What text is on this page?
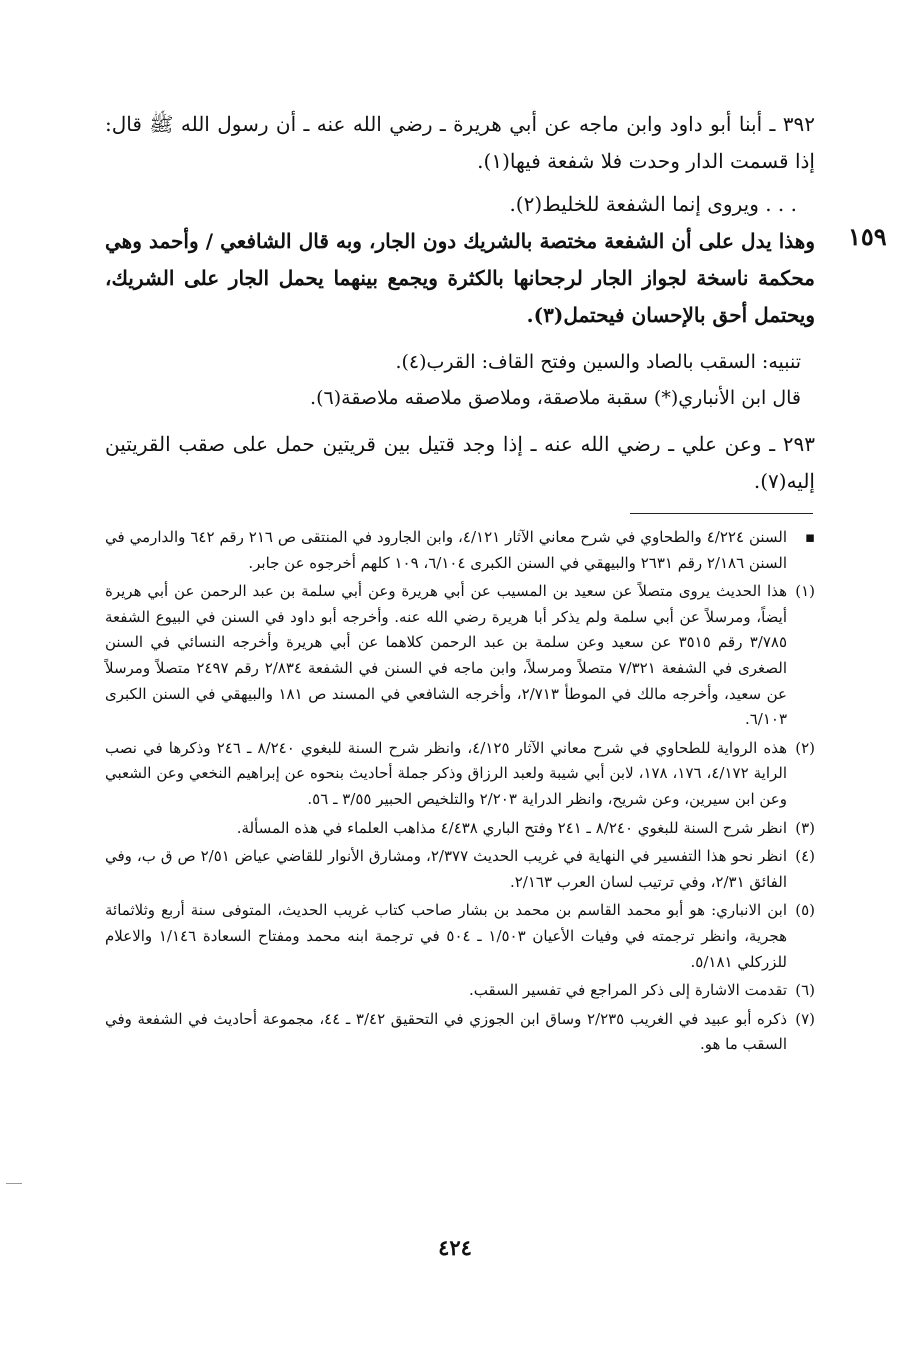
١٥٩

٣٩٢ ـ أبنا أبو داود وابن ماجه عن أبي هريرة ـ رضي الله عنه ـ أن رسول الله ﷺ قال: إذا قسمت الدار وحدت فلا شفعة فيها(١).

. . . ويروى إنما الشفعة للخليط(٢).

وهذا يدل على أن الشفعة مختصة بالشريك دون الجار، وبه قال الشافعي / وأحمد وهي محكمة ناسخة لجواز الجار لرجحانها بالكثرة ويجمع بينهما يحمل الجار على الشريك، ويحتمل أحق بالإحسان فيحتمل(٣).

تنبيه: السقب بالصاد والسين وفتح القاف: القرب(٤).

قال ابن الأنباري(*) سقبة ملاصقة، وملاصق ملاصقه ملاصقة(٦).

٢٩٣ ـ وعن علي ـ رضي الله عنه ـ إذا وجد قتيل بين قريتين حمل على صقب القريتين إليه(٧).

▪
السنن ٤/٢٢٤ والطحاوي في شرح معاني الآثار ٤/١٢١، وابن الجارود في المنتقى ص ٢١٦ رقم ٦٤٢ والدارمي في السنن ٢/١٨٦ رقم ٢٦٣١ والبيهقي في السنن الكبرى ٦/١٠٤، ١٠٩ كلهم أخرجوه عن جابر.
(١)
هذا الحديث يروى متصلاً عن سعيد بن المسيب عن أبي هريرة وعن أبي سلمة بن عبد الرحمن عن أبي هريرة أيضاً، ومرسلاً عن أبي سلمة ولم يذكر أبا هريرة رضي الله عنه. وأخرجه أبو داود في السنن في البيوع الشفعة ٣/٧٨٥ رقم ٣٥١٥ عن سعيد وعن سلمة بن عبد الرحمن كلاهما عن أبي هريرة وأخرجه النسائي في السنن الصغرى في الشفعة ٧/٣٢١ متصلاً ومرسلاً، وابن ماجه في السنن في الشفعة ٢/٨٣٤ رقم ٢٤٩٧ متصلاً ومرسلاً عن سعيد، وأخرجه مالك في الموطأ ٢/٧١٣، وأخرجه الشافعي في المسند ص ١٨١ والبيهقي في السنن الكبرى ٦/١٠٣.
(٢)
هذه الرواية للطحاوي في شرح معاني الآثار ٤/١٢٥، وانظر شرح السنة للبغوي ٨/٢٤٠ ـ ٢٤٦ وذكرها في نصب الراية ٤/١٧٢، ١٧٦، ١٧٨، لابن أبي شيبة ولعبد الرزاق وذكر جملة أحاديث بنحوه عن إبراهيم النخعي وعن الشعبي وعن ابن سيرين، وعن شريح، وانظر الدراية ٢/٢٠٣ والتلخيص الحبير ٣/٥٥ ـ ٥٦.
(٣)
انظر شرح السنة للبغوي ٨/٢٤٠ ـ ٢٤١ وفتح الباري ٤/٤٣٨ مذاهب العلماء في هذه المسألة.
(٤)
انظر نحو هذا التفسير في النهاية في غريب الحديث ٢/٣٧٧، ومشارق الأنوار للقاضي عياض ٢/٥١ ص ق ب، وفي الفائق ٢/٣١، وفي ترتيب لسان العرب ٢/١٦٣.
(٥)
ابن الانباري: هو أبو محمد القاسم بن محمد بن بشار صاحب كتاب غريب الحديث، المتوفى سنة أربع وثلاثمائة هجرية، وانظر ترجمته في وفيات الأعيان ١/٥٠٣ ـ ٥٠٤ في ترجمة ابنه محمد ومفتاح السعادة ١/١٤٦ والاعلام للزركلي ٥/١٨١.
(٦)
تقدمت الاشارة إلى ذكر المراجع في تفسير السقب.
(٧)
ذكره أبو عبيد في الغريب ٢/٢٣٥ وساق ابن الجوزي في التحقيق ٣/٤٢ ـ ٤٤، مجموعة أحاديث في الشفعة وفي السقب ما هو.
٤٢٤
